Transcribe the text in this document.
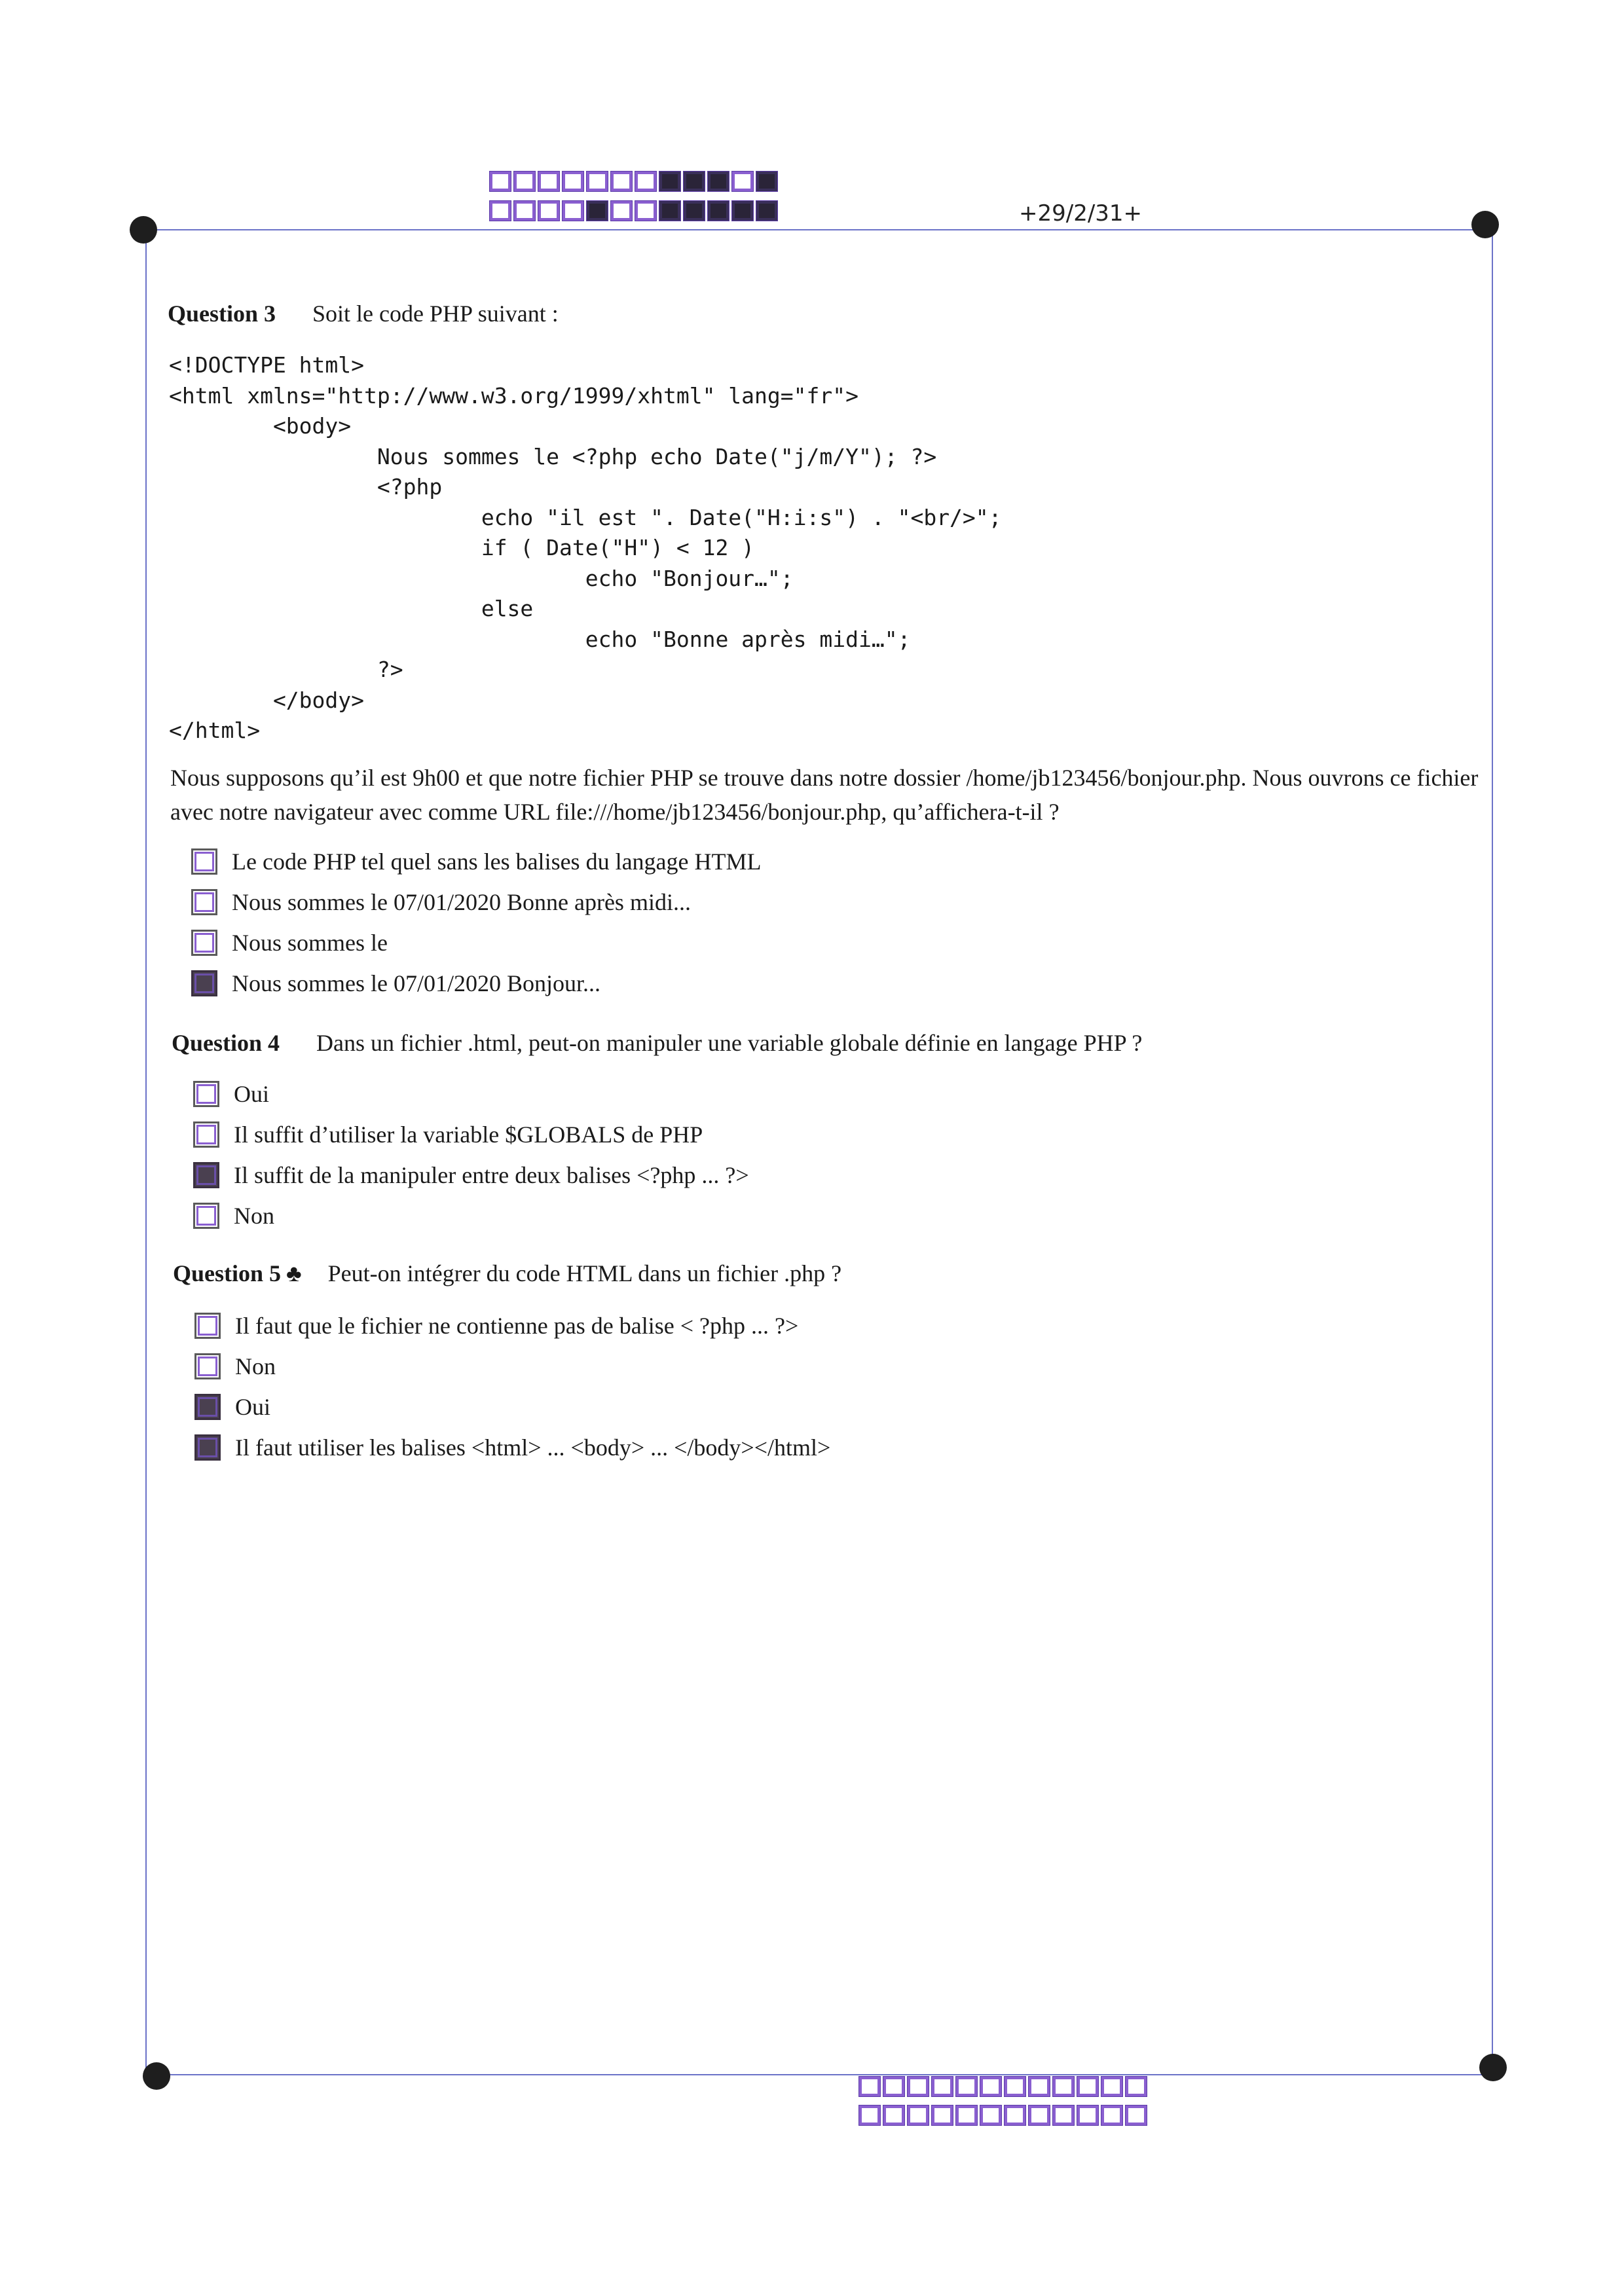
+29/2/31+
Question 3 Soit le code PHP suivant :
<!DOCTYPE html>
<html xmlns="http://www.w3.org/1999/xhtml" lang="fr">
<body>
Nous sommes le <?php echo Date("j/m/Y"); ?>
<?php
echo "il est ". Date("H:i:s") . "<br/>";
if ( Date("H") < 12 )
echo "Bonjour…";
else
echo "Bonne après midi…";
?>
</body>
</html>
Nous supposons qu’il est 9h00 et que notre fichier PHP se trouve dans notre dossier /home/jb123456/bonjour.php. Nous ouvrons ce fichier avec notre navigateur avec comme URL file:///home/jb123456/bonjour.php, qu’affichera-t-il ?
Le code PHP tel quel sans les balises du langage HTML
Nous sommes le 07/01/2020 Bonne après midi...
Nous sommes le
Nous sommes le 07/01/2020 Bonjour...
Question 4 Dans un fichier .html, peut-on manipuler une variable globale définie en langage PHP ?
Oui
Il suffit d’utiliser la variable $GLOBALS de PHP
Il suffit de la manipuler entre deux balises <?php ... ?>
Non
Question 5 ♣ Peut-on intégrer du code HTML dans un fichier .php ?
Il faut que le fichier ne contienne pas de balise < ?php ... ?>
Non
Oui
Il faut utiliser les balises <html> ... <body> ... </body></html>
